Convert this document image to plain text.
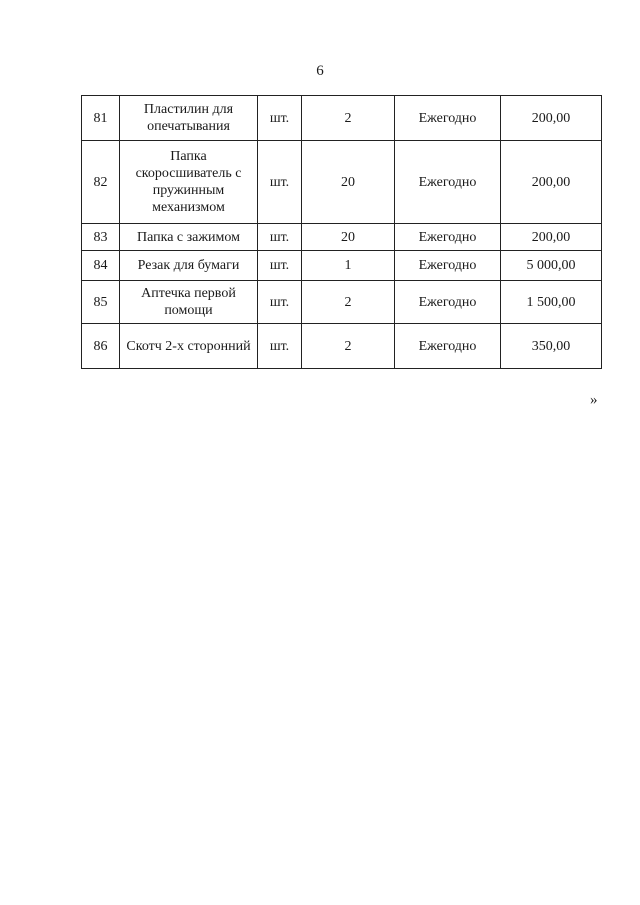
6
81	Пластилин для опечатывания	шт.	2	Ежегодно	200,00
82	Папка скоросшиватель с пружинным механизмом	шт.	20	Ежегодно	200,00
83	Папка с зажимом	шт.	20	Ежегодно	200,00
84	Резак для бумаги	шт.	1	Ежегодно	5 000,00
85	Аптечка первой помощи	шт.	2	Ежегодно	1 500,00
86	Скотч 2-х сторонний	шт.	2	Ежегодно	350,00
»
